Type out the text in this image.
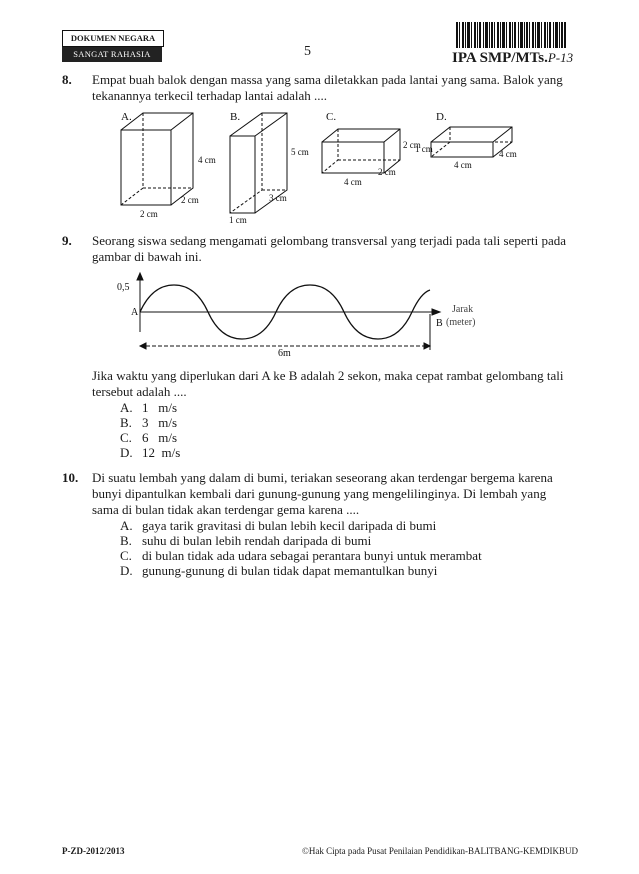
DOKUMEN NEGARA
SANGAT RAHASIA	5	IPA SMP/MTs.P-13
8. Empat buah balok dengan massa yang sama diletakkan pada lantai yang sama. Balok yang
tekanannya terkecil terhadap lantai adalah ....
A.
4 cm
2 cm
2 cm
B.
5 cm
3 cm
1 cm
C.
2 cm
2 cm
4 cm
D.
1 cm	4 cm
4 cm
9. Seorang siswa sedang mengamati gelombang transversal yang terjadi pada tali seperti pada
gambar di bawah ini.
0,5
A
B
Jarak
(meter)
6m
Jika waktu yang diperlukan dari A ke B adalah 2 sekon, maka cepat rambat gelombang tali
tersebut adalah ....
A. 1   m/s
B. 3   m/s
C. 6   m/s
D. 12  m/s
10. Di suatu lembah yang dalam di bumi, teriakan seseorang akan terdengar bergema karena
bunyi dipantulkan kembali dari gunung-gunung yang mengelilinginya. Di lembah yang
sama di bulan tidak akan terdengar gema karena ....
A. gaya tarik gravitasi di bulan lebih kecil daripada di bumi
B. suhu di bulan lebih rendah daripada di bumi
C. di bulan tidak ada udara sebagai perantara bunyi untuk merambat
D. gunung-gunung di bulan tidak dapat memantulkan bunyi
P-ZD-2012/2013	©Hak Cipta pada Pusat Penilaian Pendidikan-BALITBANG-KEMDIKBUD
